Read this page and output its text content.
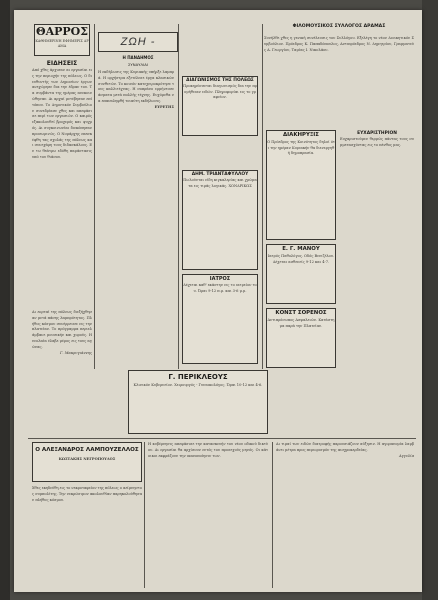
ΘΑΡΡΟΣ
ΚΑΘΗΜΕΡΙΝΗ ΕΦΗΜΕΡΙΣ ΔΡΑΜΑ
ΕΙΔΗΣΕΙΣ
Από χθες άρχισαν αι εργασίαι εις την περιοχήν της πόλεως. Ο διευθυντής των Δημοσίων έργων ανεχώρησε δια την έδραν του. Τα συμβάντα της ημέρας ανεκοινώθησαν. Αι αρχαί μετέβησαν επί τόπου. Το Δημοτικόν Συμβούλιον συνεδρίασε χθες και απεφάσισε περί των εργασιών. Ο καιρός εξακολουθεί βροχερός και ψυχρός. Αι συγκοινωνίαι διεκόπησαν προσωρινώς. Ο Νομάρχης επεσκέφθη τας σχολάς της πόλεως και συνεχάρη τους διδασκάλους. Εν τω θεάτρω εδόθη παράστασις υπό του θιάσου.
Αι εορταί της πόλεως διεξήχθησαν μετά πάσης λαμπρότητος. Πλήθος κόσμου συνέρρευσε εις την πλατείαν. Το πρόγραμμα περιελάμβανε μουσικήν και χορούς. Η νεολαία έλαβε μέρος εις τους αγώνας.
Γ. Μακρυγιάννης
ΖΩΗ -
Η ΠΑΝΔΗΜΟΣ
ΣΥΝΑΥΛΙΑΙ
Η εκδήλωσις της Κυριακής υπήρξε λαμπρά. Η ορχήστρα εξετέλεσε έργα κλασικών συνθετών. Το κοινόν κατεχειροκρότησε τους καλλιτέχνας. Η σοπράνο ερμήνευσε άσματα μετά πολλής τέχνης. Ευχόμεθα να επαναληφθή τοιαύτη εκδήλωσις.
ΕΥΡΕΤΗΣ
ΦΙΛΟΜΟΥΣΙΚΟΣ ΣΥΛΛΟΓΟΣ ΔΡΑΜΑΣ
Συνήλθε χθες η γενική συνέλευσις του Συλλόγου. Εξελέγη το νέον Διοικητικόν Συμβούλιον. Πρόεδρος Κ. Παπαδόπουλος, Αντιπρόεδρος Ν. Δημητρίου, Γραμματεύς Α. Γεωργίου, Ταμίας Ι. Νικολάου.
ΔΙΑΓΩΝΙΣΜΟΣ ΤΗΣ ΠΟΛΕΩΣ
Προκηρύσσεται διαγωνισμός δια την προμήθειαν ειδών. Πληροφορίαι εις το γραφείον.
ΔΗΜ. ΤΡΙΑΝΤΑΦΥΛΛΟΥ
Πωλούνται είδη κιγκαλερίας και χρώματα εις τιμάς λογικάς. ΧΟΝΔΡΙΚΩΣ
ΙΑΤΡΟΣ
Δέχεται καθ' εκάστην εις το ιατρείον του. Ώραι 9-12 π.μ. και 3-6 μ.μ.
ΔΙΑΚΗΡΥΞΙΣ
Ο Πρόεδρος της Κοινότητος δηλοί ότι την ημέραν Κυριακήν θα διενεργηθή δημοπρασία.
Ε. Γ. ΜΑΝΟΥ
Ιατρός Παθολόγος. Οδός Βενιζέλου. Δέχεται ασθενείς 9-12 και 4-7.
ΚΟΝΣΤ ΣΟΡΕΝΟΣ
Αντιπρόσωπος Ασφαλειών. Κατάστημα παρά την Πλατείαν.
ΕΥΧΑΡΙΣΤΗΡΙΟΝ
Ευχαριστούμεν θερμώς πάντας τους συμμετασχόντας εις το πένθος μας.
Γ. ΠΕΡΙΚΛΕΟΥΣ
Κλινικόν Κυβερνείον. Χειρουργός - Γυναικολόγος. Ώραι 10-12 και 4-6.
Ο ΑΛΕΞΑΝΔΡΟΣ ΛΑΜΠΟΥΖΕΛΛΟΣ
ΚΩΣΤΑΚΗΣ ΝΕΓΡΟΠΟΥΛΟΣ
Χθες εκηδεύθη εις το νεκροταφείον της πόλεως ο αείμνηστος συμπολίτης. Την νεκρώσιμον ακολουθίαν παρηκολούθησαν πλήθος κόσμου.
Η κυβέρνησις απεφάσισε την κατασκευήν του νέου οδικού δικτύου. Αι εργασίαι θα αρχίσουν εντός του προσεχούς μηνός. Οι κάτοικοι εκφράζουν την ικανοποίησιν των.
Αι τιμαί των ειδών διατροφής παρουσιάζουν αύξησιν. Η αγορανομία λαμβάνει μέτρα προς περιορισμόν της αισχροκερδείας.
Αγγελία
